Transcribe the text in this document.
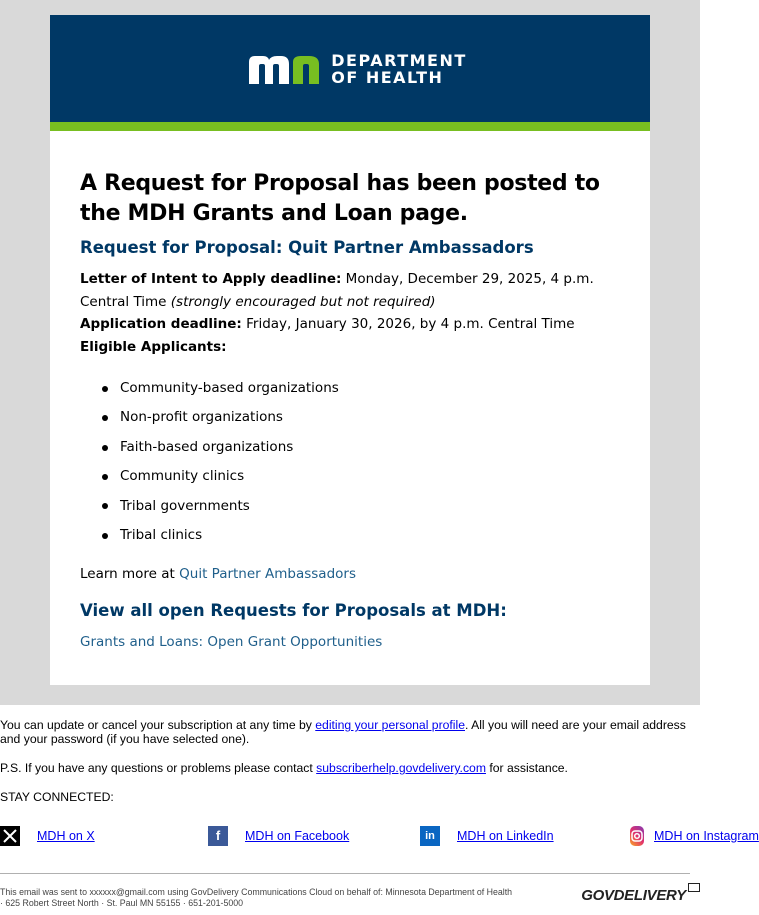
DEPARTMENT
OF HEALTH
A Request for Proposal has been posted to the MDH Grants and Loan page.
Request for Proposal: Quit Partner Ambassadors
Letter of Intent to Apply deadline: Monday, December 29, 2025, 4 p.m. Central Time (strongly encouraged but not required)
Application deadline: Friday, January 30, 2026, by 4 p.m. Central Time
Eligible Applicants:
Community-based organizations
Non-profit organizations
Faith-based organizations
Community clinics
Tribal governments
Tribal clinics

Learn more at Quit Partner Ambassadors

View all open Requests for Proposals at MDH:
Grants and Loans: Open Grant Opportunities

You can update or cancel your subscription at any time by editing your personal profile. All you will need are your email address and your password (if you have selected one).

P.S. If you have any questions or problems please contact subscriberhelp.govdelivery.com for assistance.

STAY CONNECTED:

MDH on X	f	MDH on Facebook	in	MDH on LinkedIn	MDH on Instagram
This email was sent to xxxxxx@gmail.com using GovDelivery Communications Cloud on behalf of: Minnesota Department of Health
· 625 Robert Street North · St. Paul MN 55155 · 651-201-5000	GOVDELIVERY
